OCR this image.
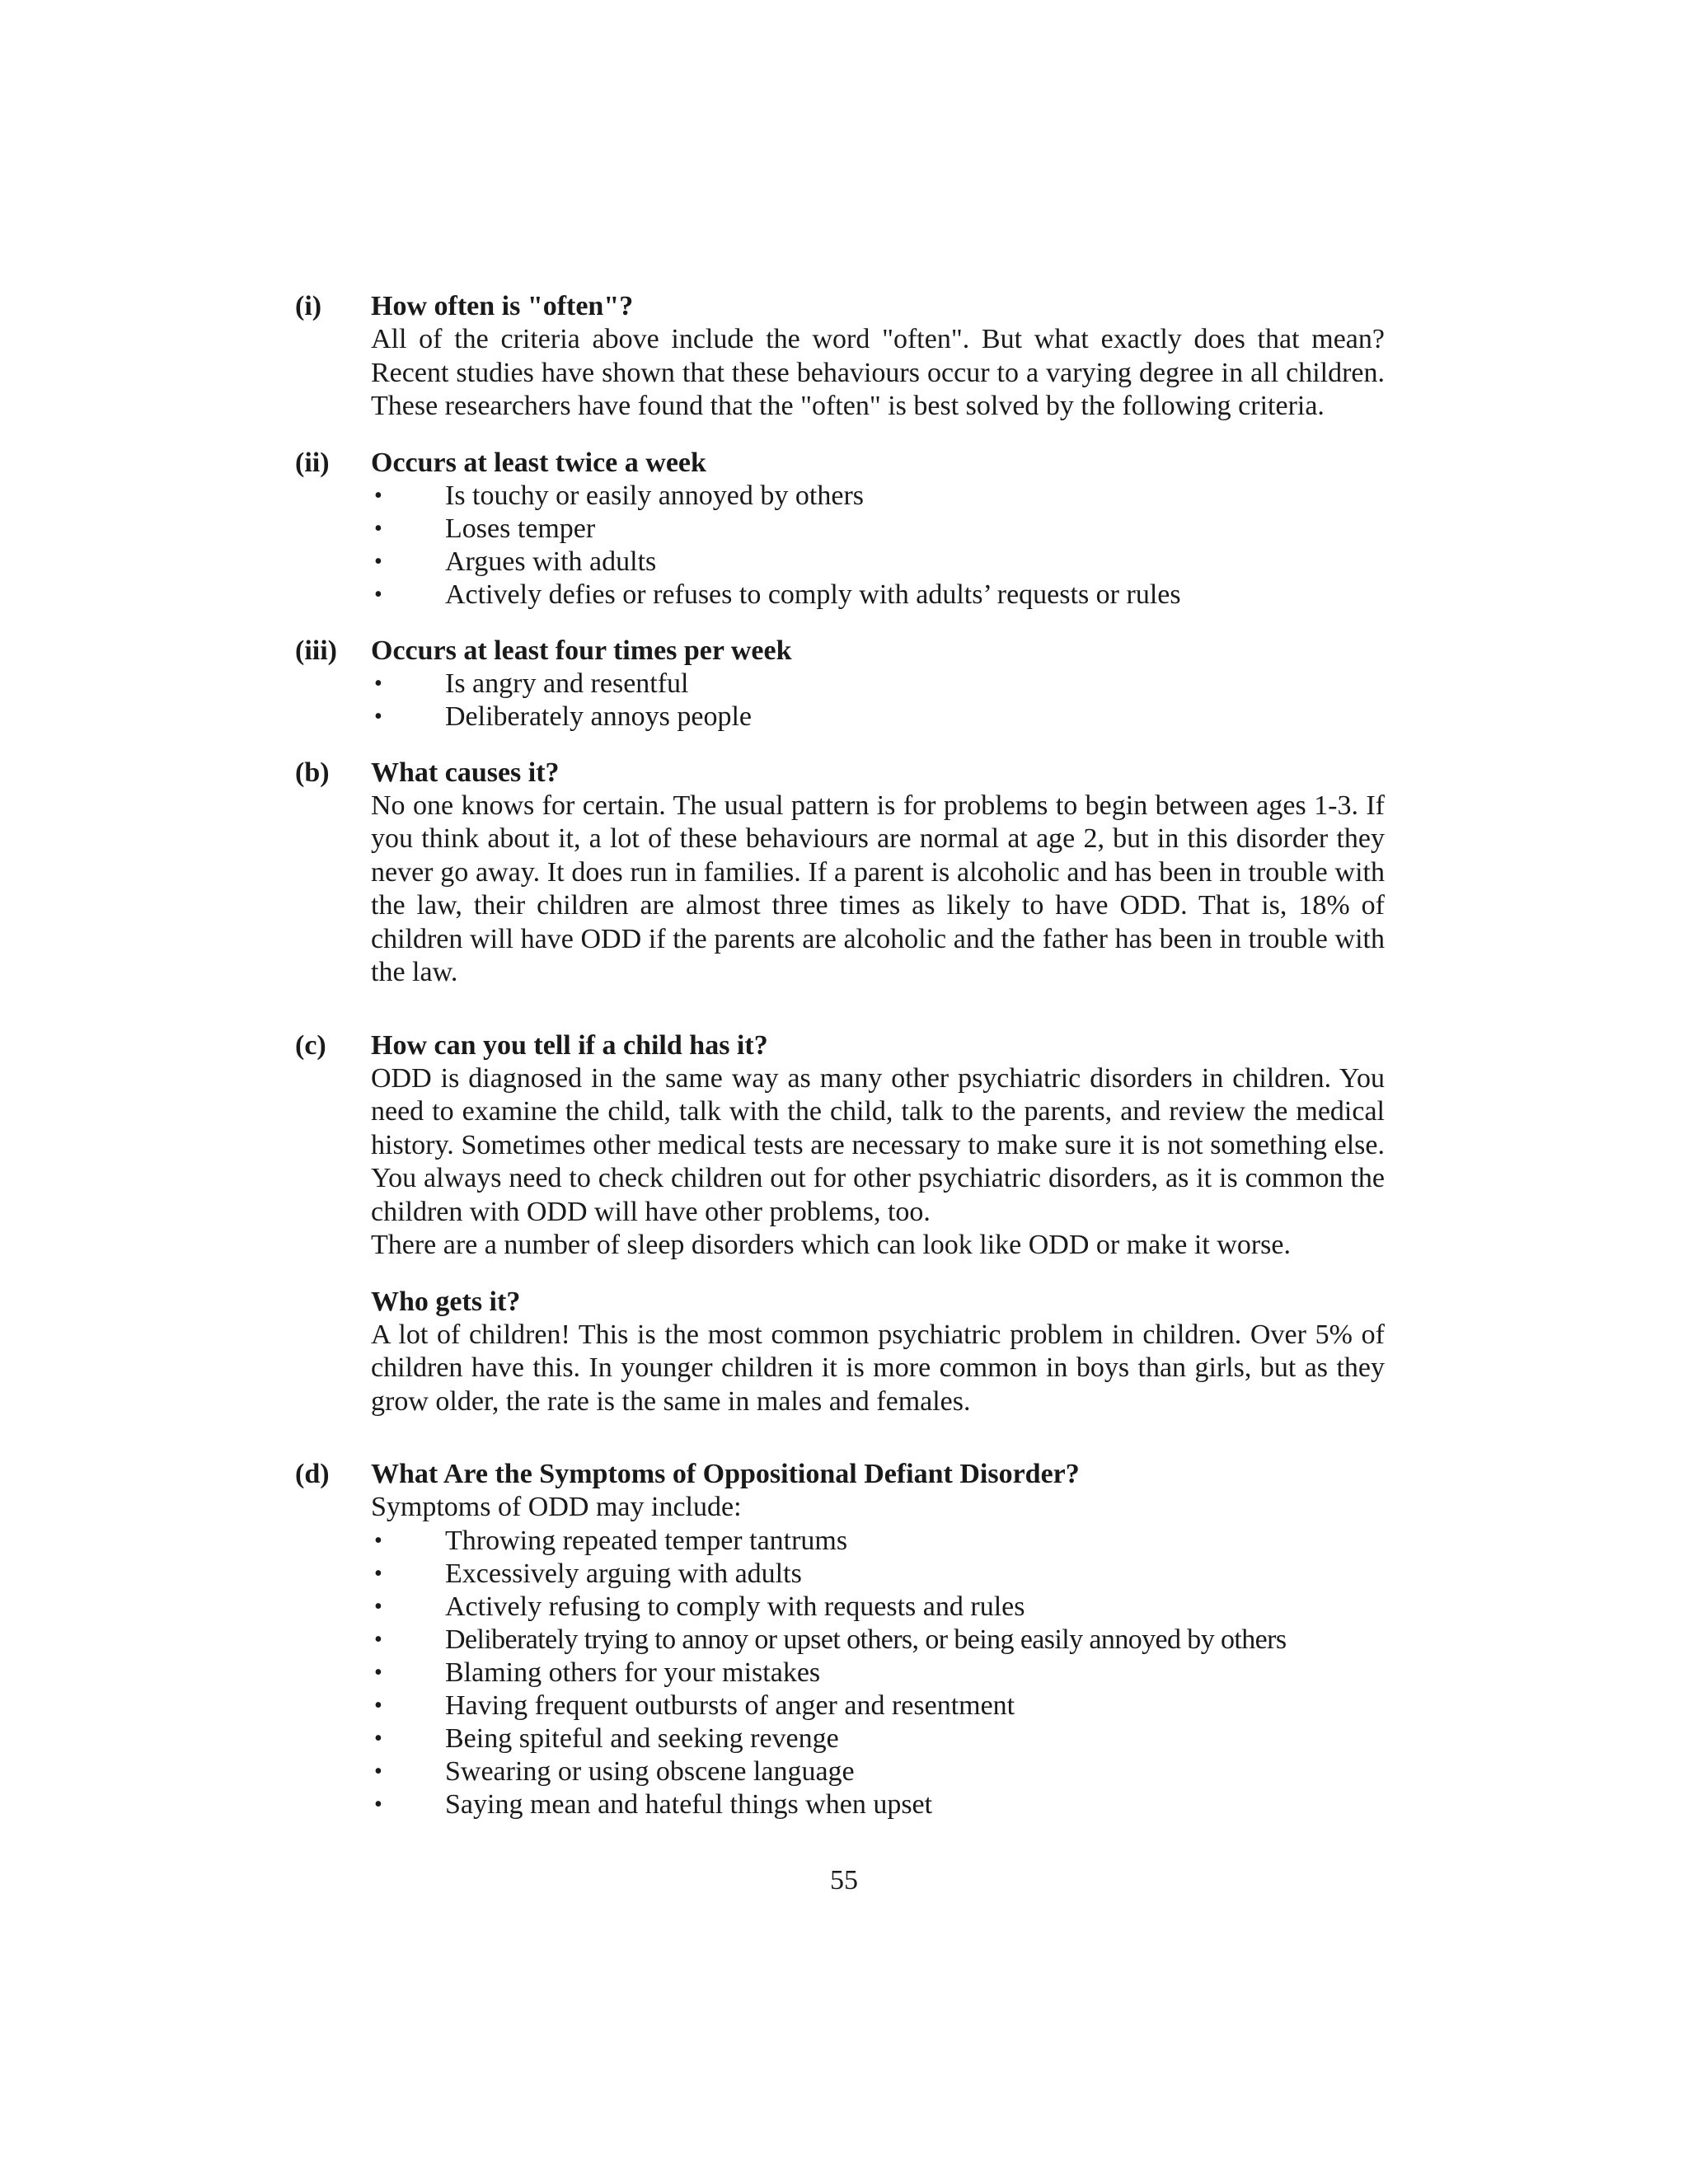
(i)	How often is "often"?

All of the criteria above include the word "often". But what exactly does that mean? Recent studies have shown that these behaviours occur to a varying degree in all children. These researchers have found that the "often" is best solved by the following criteria.

(ii)	Occurs at least twice a week

• Is touchy or easily annoyed by others
• Loses temper
• Argues with adults
• Actively defies or refuses to comply with adults’ requests or rules
(iii)	Occurs at least four times per week

• Is angry and resentful
• Deliberately annoys people
(b)	What causes it?

No one knows for certain. The usual pattern is for problems to begin between ages 1-3. If you think about it, a lot of these behaviours are normal at age 2, but in this disorder they never go away. It does run in families. If a parent is alcoholic and has been in trouble with the law, their children are almost three times as likely to have ODD. That is, 18% of children will have ODD if the parents are alcoholic and the father has been in trouble with the law.

(c)	How can you tell if a child has it?

ODD is diagnosed in the same way as many other psychiatric disorders in children. You need to examine the child, talk with the child, talk to the parents, and review the medical history. Sometimes other medical tests are necessary to make sure it is not something else. You always need to check children out for other psychiatric disorders, as it is common the children with ODD will have other problems, too.

There are a number of sleep disorders which can look like ODD or make it worse.

Who gets it?

A lot of children! This is the most common psychiatric problem in children. Over 5% of children have this. In younger children it is more common in boys than girls, but as they grow older, the rate is the same in males and females.

(d)	What Are the Symptoms of Oppositional Defiant Disorder?

Symptoms of ODD may include:

• Throwing repeated temper tantrums
• Excessively arguing with adults
• Actively refusing to comply with requests and rules
• Deliberately trying to annoy or upset others, or being easily annoyed by others
• Blaming others for your mistakes
• Having frequent outbursts of anger and resentment
• Being spiteful and seeking revenge
• Swearing or using obscene language
• Saying mean and hateful things when upset
55
